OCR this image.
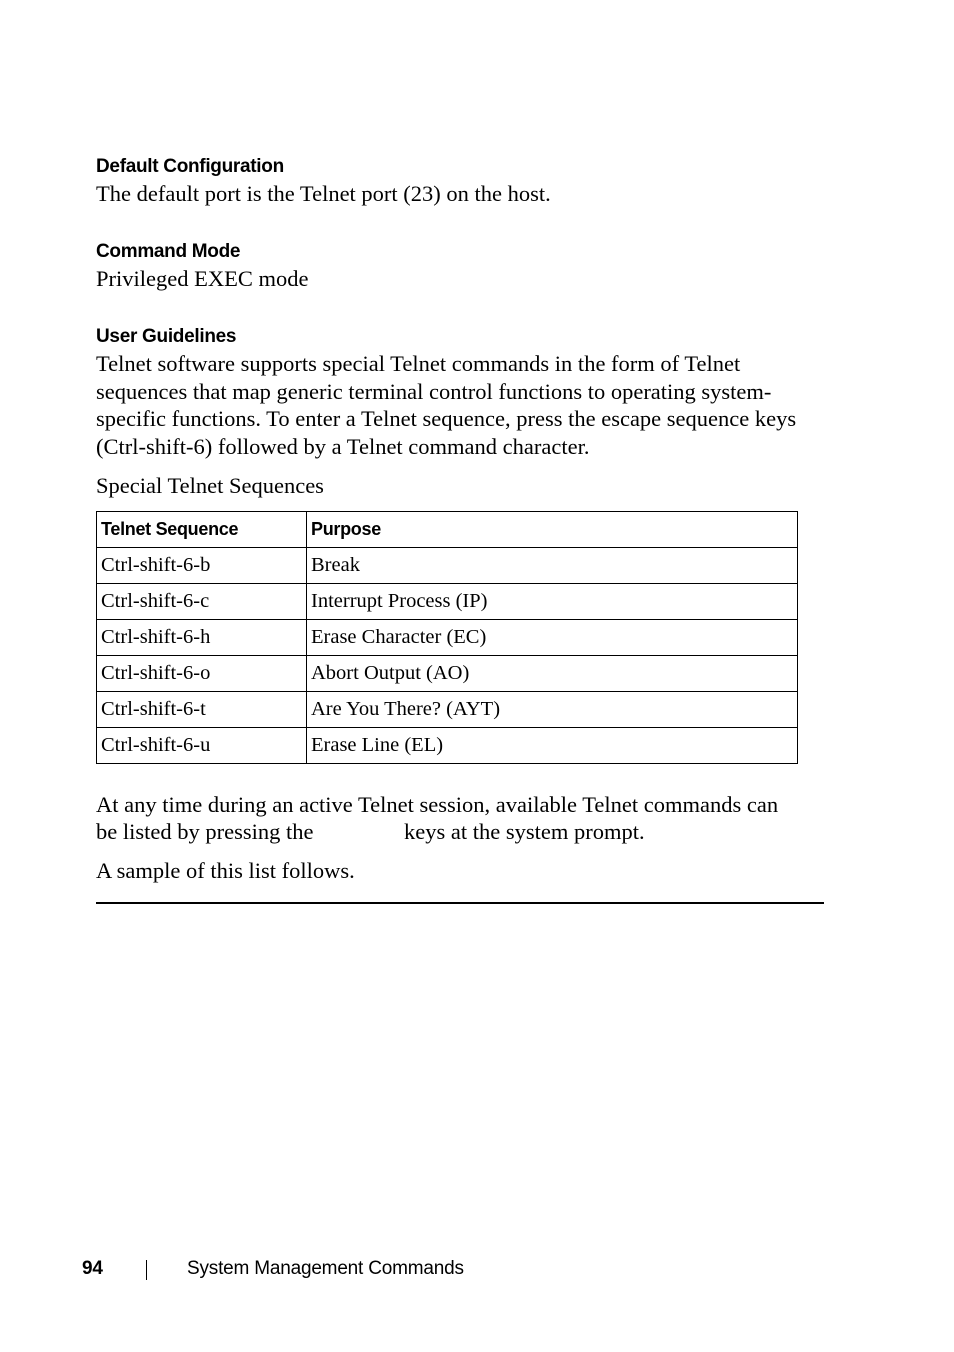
Default Configuration
The default port is the Telnet port (23) on the host.
Command Mode
Privileged EXEC mode
User Guidelines
Telnet software supports special Telnet commands in the form of Telnet sequences that map generic terminal control functions to operating system-specific functions. To enter a Telnet sequence, press the escape sequence keys (Ctrl-shift-6) followed by a Telnet command character.
Special Telnet Sequences
Telnet Sequence	Purpose
Ctrl-shift-6-b	Break
Ctrl-shift-6-c	Interrupt Process (IP)
Ctrl-shift-6-h	Erase Character (EC)
Ctrl-shift-6-o	Abort Output (AO)
Ctrl-shift-6-t	Are You There? (AYT)
Ctrl-shift-6-u	Erase Line (EL)
At any time during an active Telnet session, available Telnet commands can
be listed by pressing the	keys at the system prompt.
A sample of this list follows.
94	System Management Commands
